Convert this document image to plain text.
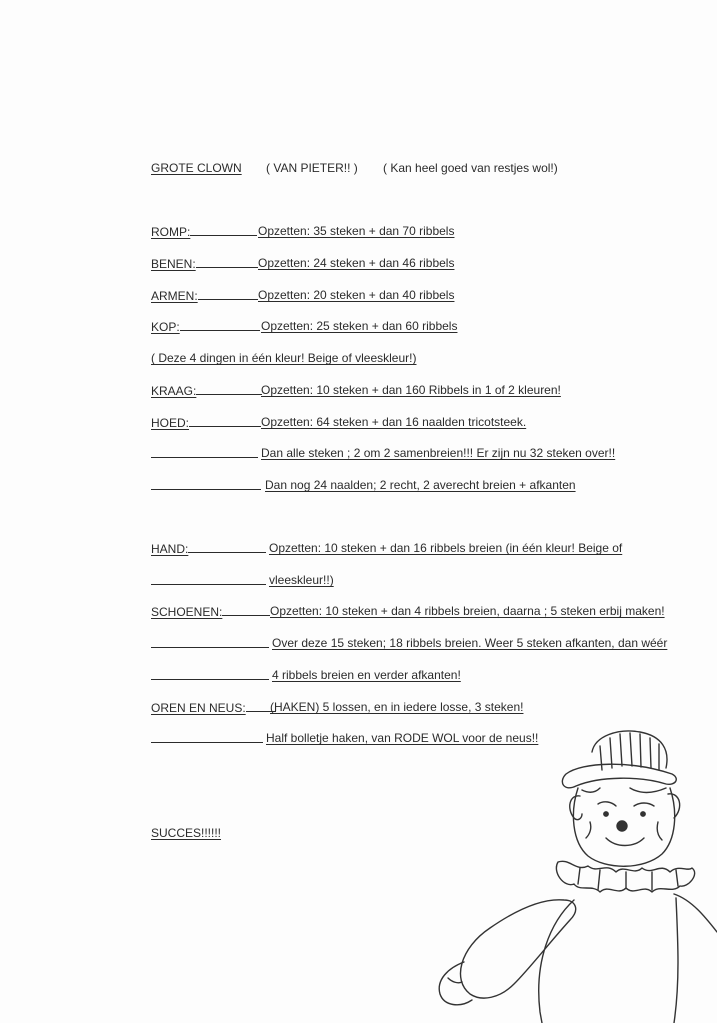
GROTE CLOWN ( VAN PIETER!! ) ( Kan heel goed van restjes wol!)
ROMP:	Opzetten: 35 steken + dan 70 ribbels
BENEN:	Opzetten: 24 steken + dan 46 ribbels
ARMEN:	Opzetten: 20 steken + dan 40 ribbels
KOP:	Opzetten: 25 steken + dan 60 ribbels
( Deze 4 dingen in één kleur! Beige of vleeskleur!)
KRAAG:	Opzetten: 10 steken + dan 160 Ribbels in 1 of 2 kleuren!
HOED:	Opzetten: 64 steken + dan 16 naalden tricotsteek.
Dan alle steken ; 2 om 2 samenbreien!!! Er zijn nu 32 steken over!!
Dan nog 24 naalden; 2 recht, 2 averecht breien + afkanten
HAND:	Opzetten: 10 steken + dan 16 ribbels breien (in één kleur! Beige of
vleeskleur!!)
SCHOENEN:	Opzetten: 10 steken + dan 4 ribbels breien, daarna ; 5 steken erbij maken!
Over deze 15 steken; 18 ribbels breien. Weer 5 steken afkanten, dan wéér
4 ribbels breien en verder afkanten!
OREN EN NEUS:	(HAKEN) 5 lossen, en in iedere losse, 3 steken!
Half bolletje haken, van RODE WOL voor de neus!!
SUCCES!!!!!!
